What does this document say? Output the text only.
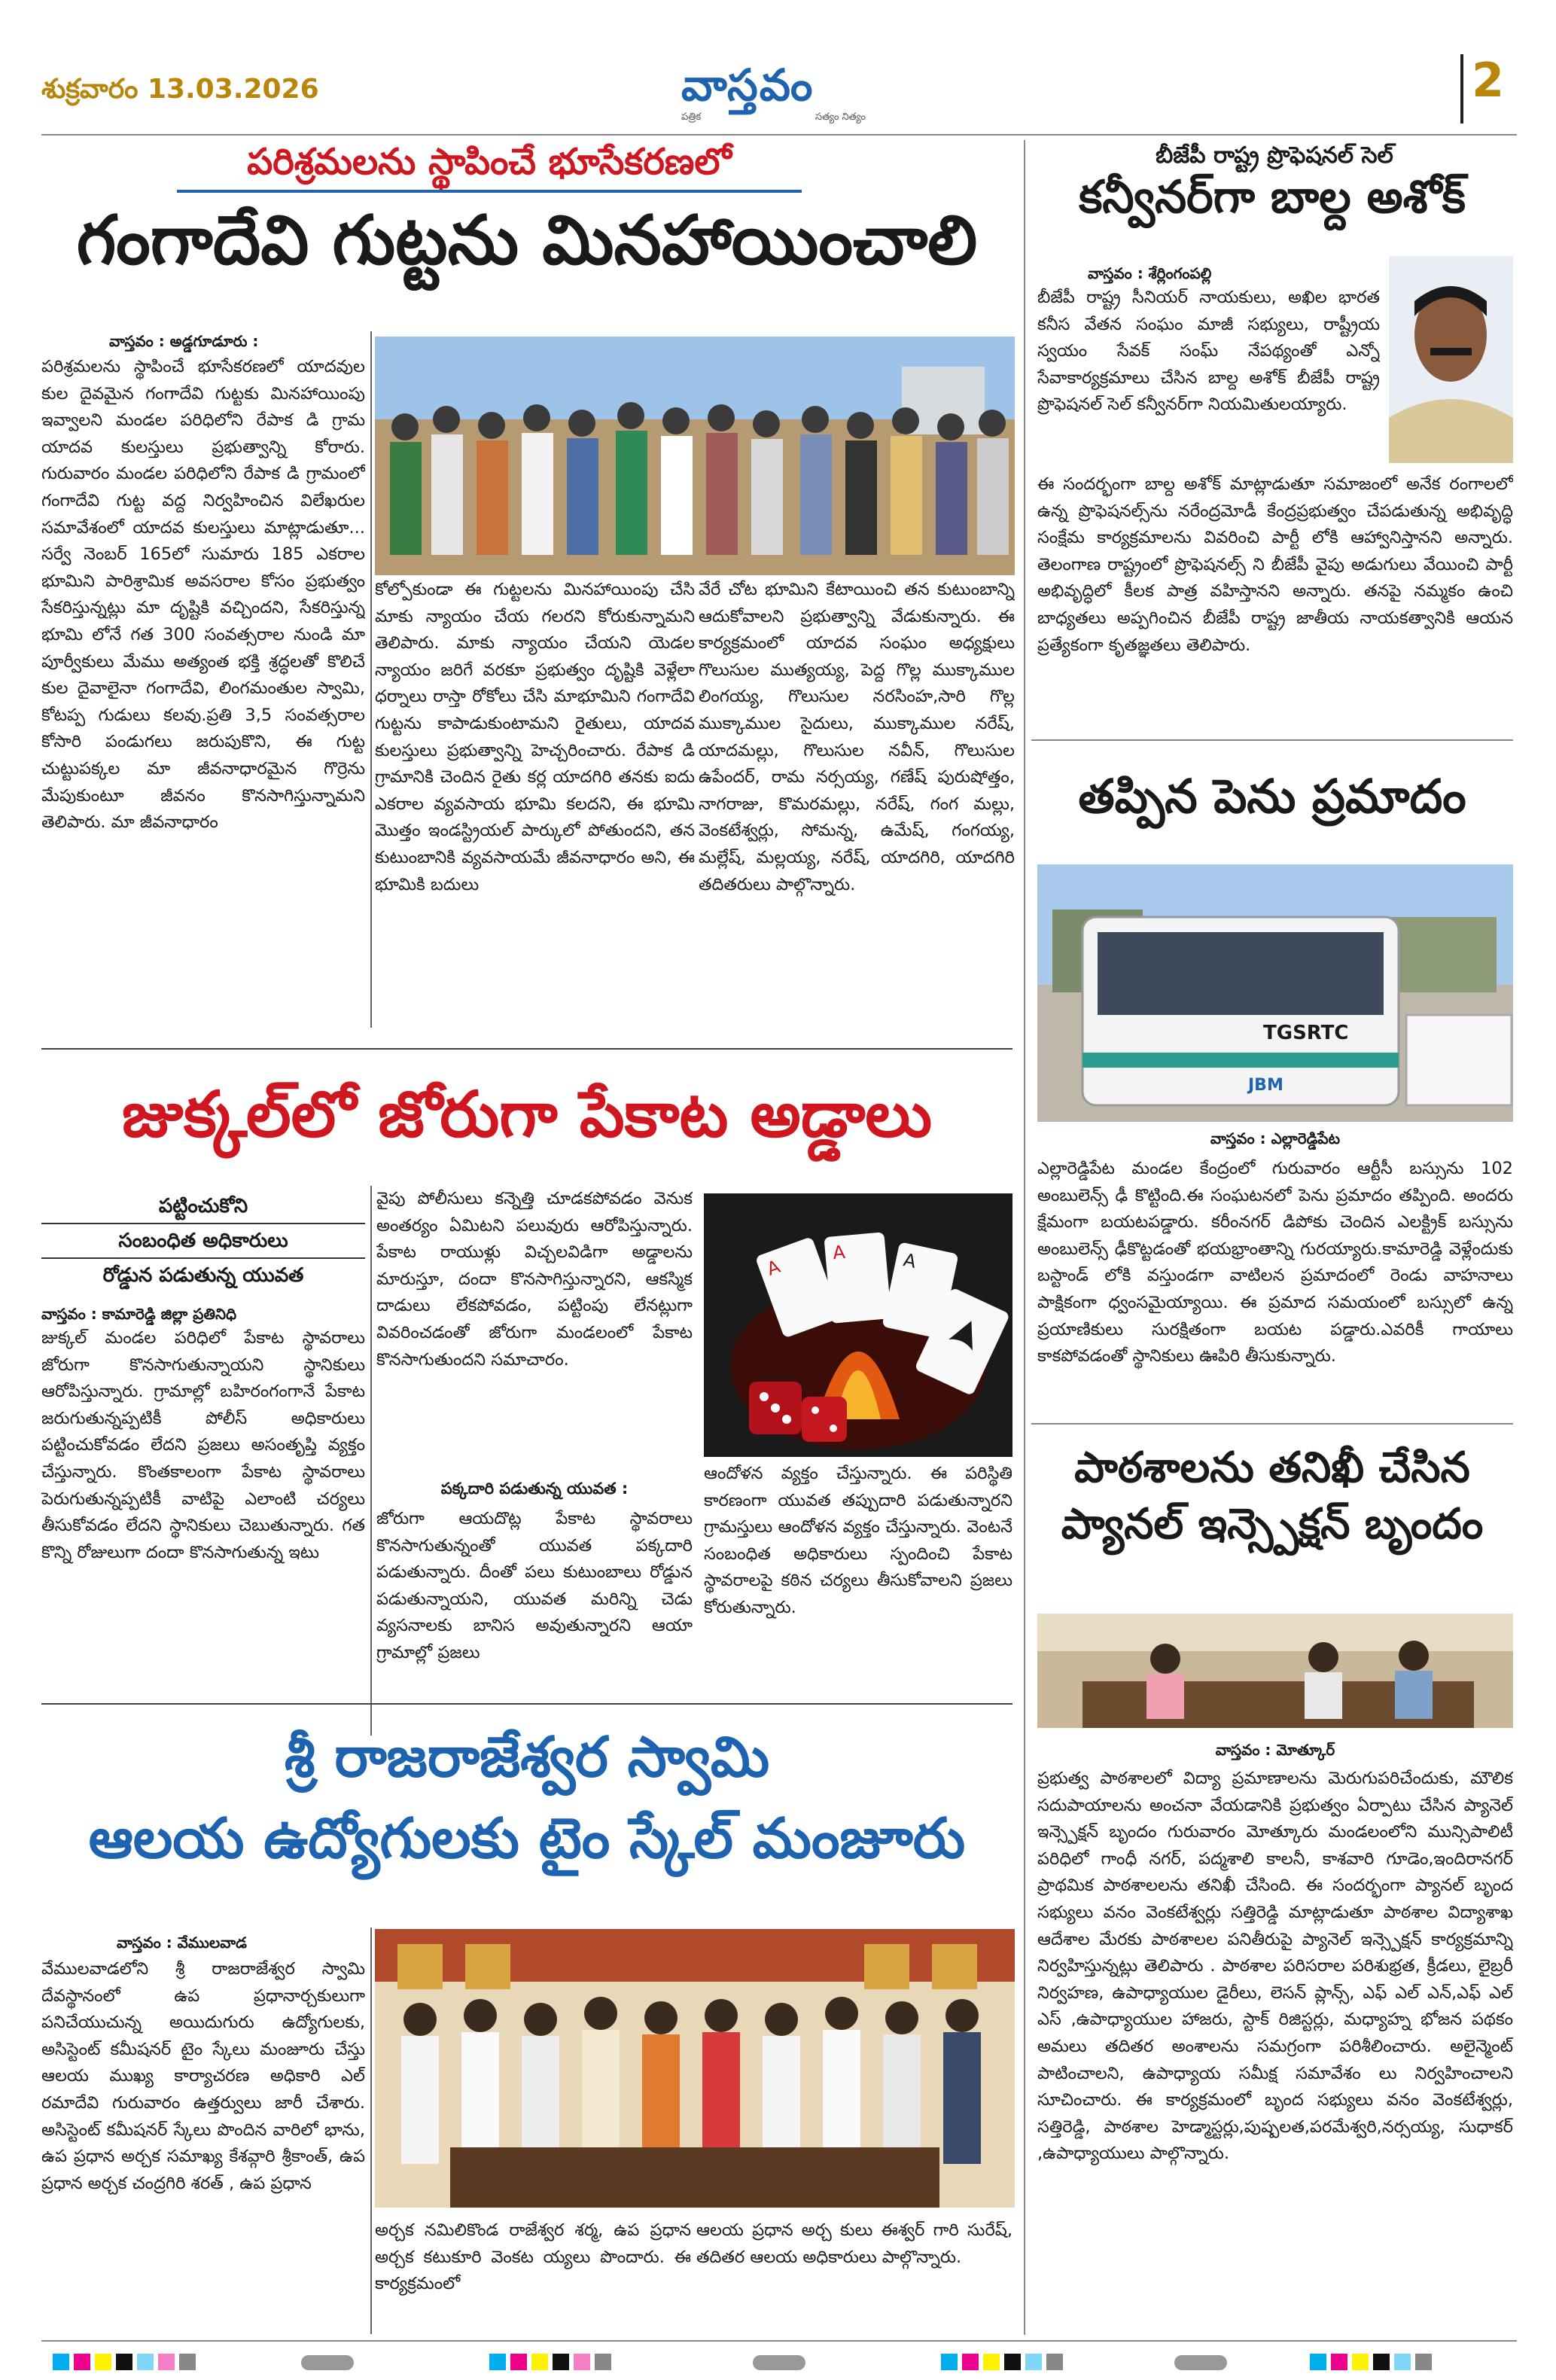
శుక్రవారం 13.03.2026	వాస్తవం
పత్రిక	సత్యం నిత్యం
2
పరిశ్రమలను స్థాపించే భూసేకరణలో
గంగాదేవి గుట్టను మినహాయించాలి
వాస్తవం : అడ్డగూడూరు :
పరిశ్రమలను స్థాపించే భూసేకరణలో యాదవుల కుల దైవమైన గంగాదేవి గుట్టకు మినహాయింపు ఇవ్వాలని మండల పరిధిలోని రేపాక డి గ్రామ యాదవ కులస్తులు ప్రభుత్వాన్ని కోరారు. గురువారం మండల పరిధిలోని రేపాక డి గ్రామంలో గంగాదేవి గుట్ట వద్ద నిర్వహించిన విలేఖరుల సమావేశంలో యాదవ కులస్తులు మాట్లాడుతూ... సర్వే నెంబర్ 165లో సుమారు 185 ఎకరాల భూమిని పారిశ్రామిక అవసరాల కోసం ప్రభుత్వం సేకరిస్తున్నట్లు మా దృష్టికి వచ్చిందని, సేకరిస్తున్న భూమి లోనే గత 300 సంవత్సరాల నుండి మా పూర్వీకులు మేము అత్యంత భక్తి శ్రద్ధలతో కొలిచే కుల దైవాలైనా గంగాదేవి, లింగమంతుల స్వామి, కోటప్ప గుడులు కలవు.ప్రతి 3,5 సంవత్సరాల కోసారి పండుగలు జరుపుకొని, ఈ గుట్ట చుట్టుపక్కల మా జీవనాధారమైన గొర్రెను మేపుకుంటూ జీవనం కొనసాగిస్తున్నామని తెలిపారు. మా జీవనాధారం
కోల్పోకుండా ఈ గుట్టలను మినహాయింపు చేసి మాకు న్యాయం చేయ గలరని కోరుకున్నామని తెలిపారు. మాకు న్యాయం చేయని యెడల న్యాయం జరిగే వరకూ ప్రభుత్వం దృష్టికి వెళ్లేలా ధర్నాలు రాస్తా రోకోలు చేసి మాభూమిని గంగాదేవి గుట్టను కాపాడుకుంటామని రైతులు, యాదవ కులస్తులు ప్రభుత్వాన్ని హెచ్చరించారు. రేపాక డి గ్రామానికి చెందిన రైతు కర్ల యాదగిరి తనకు ఐదు ఎకరాల వ్యవసాయ భూమి కలదని, ఈ భూమి మొత్తం ఇండస్ట్రియల్ పార్కులో పోతుందని, తన కుటుంబానికి వ్యవసాయమే జీవనాధారం అని, ఈ భూమికి బదులు
వేరే చోట భూమిని కేటాయించి తన కుటుంబాన్ని ఆదుకోవాలని ప్రభుత్వాన్ని వేడుకున్నారు. ఈ కార్యక్రమంలో యాదవ సంఘం అధ్యక్షులు గొలుసుల ముత్యయ్య, పెద్ద గొల్ల ముక్కాముల లింగయ్య, గొలుసుల నరసింహ,సారి గొల్ల ముక్కాముల సైదులు, ముక్కాముల నరేష్, యాదమల్లు, గొలుసుల నవీన్, గొలుసుల ఉపేందర్, రామ నర్సయ్య, గణేష్ పురుషోత్తం, నాగరాజు, కొమరమల్లు, నరేష్, గంగ మల్లు, వెంకటేశ్వర్లు, సోమన్న, ఉమేష్, గంగయ్య, మల్లేష్, మల్లయ్య, నరేష్, యాదగిరి, యాదగిరి తదితరులు పాల్గొన్నారు.
బీజేపీ రాష్ట్ర ప్రొఫెషనల్ సెల్
కన్వీనర్‌గా బాల్ద అశోక్
వాస్తవం : శేర్లింగంపల్లి
బీజేపీ రాష్ట్ర సీనియర్ నాయకులు, అఖిల భారత కనీస వేతన సంఘం మాజీ సభ్యులు, రాష్ట్రీయ స్వయం సేవక్ సంఘ్ నేపథ్యంతో ఎన్నో సేవాకార్యక్రమాలు చేసిన బాల్ద అశోక్ బీజేపీ రాష్ట్ర ప్రొఫెషనల్ సెల్ కన్వీనర్‌గా నియమితులయ్యారు.
ఈ సందర్భంగా బాల్ద అశోక్ మాట్లాడుతూ సమాజంలో అనేక రంగాలలో ఉన్న ప్రొఫెషనల్స్‌ను నరేంద్రమోడీ కేంద్రప్రభుత్వం చేపడుతున్న అభివృద్ధి సంక్షేమ కార్యక్రమాలను వివరించి పార్టీ లోకి ఆహ్వానిస్తానని అన్నారు. తెలంగాణ రాష్ట్రంలో ప్రొఫెషనల్స్ ని బీజేపీ వైపు అడుగులు వేయించి పార్టీ అభివృద్ధిలో కీలక పాత్ర వహిస్తానని అన్నారు. తనపై నమ్మకం ఉంచి బాధ్యతలు అప్పగించిన బీజేపీ రాష్ట్ర జాతీయ నాయకత్వానికి ఆయన ప్రత్యేకంగా కృతజ్ఞతలు తెలిపారు.
తప్పిన పెను ప్రమాదం
TGSRTC
JBM
వాస్తవం : ఎల్లారెడ్డిపేట
ఎల్లారెడ్డిపేట మండల కేంద్రంలో గురువారం ఆర్టీసీ బస్సును 102 అంబులెన్స్ ఢీ కొట్టింది.ఈ సంఘటనలో పెను ప్రమాదం తప్పింది. అందరు క్షేమంగా బయటపడ్డారు. కరీంనగర్ డిపోకు చెందిన ఎలక్ట్రిక్ బస్సును అంబులెన్స్ ఢీకొట్టడంతో భయభ్రాంతాన్ని గురయ్యారు.కామారెడ్డి వెళ్లేందుకు బస్టాండ్ లోకి వస్తుండగా వాటిలన ప్రమాదంలో రెండు వాహనాలు పాక్షికంగా ధ్వంసమైయ్యాయి. ఈ ప్రమాద సమయంలో బస్సులో ఉన్న ప్రయాణికులు సురక్షితంగా బయట పడ్డారు.ఎవరికీ గాయాలు కాకపోవడంతో స్థానికులు ఊపిరి తీసుకున్నారు.
జుక్కల్‌లో జోరుగా పేకాట అడ్డాలు
పట్టించుకోని
సంబంధిత అధికారులు
రోడ్డున పడుతున్న యువత
వాస్తవం : కామారెడ్డి జిల్లా ప్రతినిధి
జుక్కల్ మండల పరిధిలో పేకాట స్థావరాలు జోరుగా కొనసాగుతున్నాయని స్థానికులు ఆరోపిస్తున్నారు. గ్రామాల్లో బహిరంగంగానే పేకాట జరుగుతున్నప్పటికీ పోలీస్ అధికారులు పట్టించుకోవడం లేదని ప్రజలు అసంతృప్తి వ్యక్తం చేస్తున్నారు. కొంతకాలంగా పేకాట స్థావరాలు పెరుగుతున్నప్పటికీ వాటిపై ఎలాంటి చర్యలు తీసుకోవడం లేదని స్థానికులు చెబుతున్నారు. గత కొన్ని రోజులుగా దందా కొనసాగుతున్న ఇటు
వైపు పోలీసులు కన్నెత్తి చూడకపోవడం వెనుక అంతర్యం ఏమిటని పలువురు ఆరోపిస్తున్నారు. పేకాట రాయుళ్లు విచ్చలవిడిగా అడ్డాలను మారుస్తూ, దందా కొనసాగిస్తున్నారని, ఆకస్మిక దాడులు లేకపోవడం, పట్టింపు లేనట్లుగా వివరించడంతో జోరుగా మండలంలో పేకాట కొనసాగుతుందని సమాచారం.
పక్కదారి పడుతున్న యువత :
జోరుగా ఆయదొట్ల పేకాట స్థావరాలు కొనసాగుతున్నంతో యువత పక్కదారి పడుతున్నారు. దీంతో పలు కుటుంబాలు రోడ్డున పడుతున్నాయని, యువత మరిన్ని చెడు వ్యసనాలకు బానిస అవుతున్నారని ఆయా గ్రామాల్లో ప్రజలు
A
A	A
ఆందోళన వ్యక్తం చేస్తున్నారు. ఈ పరిస్థితి కారణంగా యువత తప్పుదారి పడుతున్నారని గ్రామస్తులు ఆందోళన వ్యక్తం చేస్తున్నారు. వెంటనే సంబంధిత అధికారులు స్పందించి పేకాట స్థావరాలపై కఠిన చర్యలు తీసుకోవాలని ప్రజలు కోరుతున్నారు.
పాఠశాలను తనిఖీ చేసిన
ప్యానల్ ఇన్స్పెక్షన్ బృందం
వాస్తవం : మోత్కూర్
ప్రభుత్వ పాఠశాలలో విద్యా ప్రమాణాలను మెరుగుపరిచేందుకు, మౌలిక సదుపాయాలను అంచనా వేయడానికి ప్రభుత్వం ఏర్పాటు చేసిన ప్యానెల్ ఇన్స్పెక్షన్ బృందం గురువారం మోత్కూరు మండలంలోని మున్సిపాలిటీ పరిధిలో గాంధీ నగర్, పద్మశాలి కాలనీ, కాశవారి గూడెం,ఇందిరానగర్ ప్రాథమిక పాఠశాలలను తనిఖీ చేసింది. ఈ సందర్భంగా ప్యానల్ బృంద సభ్యులు వనం వెంకటేశ్వర్లు సత్తిరెడ్డి మాట్లాడుతూ పాఠశాల విద్యాశాఖ ఆదేశాల మేరకు పాఠశాలల పనితీరుపై ప్యానెల్ ఇన్స్పెక్షన్ కార్యక్రమాన్ని నిర్వహిస్తున్నట్లు తెలిపారు . పాఠశాల పరిసరాల పరిశుభ్రత, క్రీడలు, లైబ్రరీ నిర్వహణ, ఉపాధ్యాయుల డైరీలు, లెసన్ ప్లాన్స్, ఎఫ్ ఎల్ ఎన్,ఎఫ్ ఎల్ ఎస్ ,ఉపాధ్యాయుల హాజరు, స్టాక్ రిజిస్టర్లు, మధ్యాహ్న భోజన పథకం అమలు తదితర అంశాలను సమగ్రంగా పరిశీలించారు. అలైన్మెంట్ పాటించాలని, ఉపాధ్యాయ సమీక్ష సమావేశం లు నిర్వహించాలని సూచించారు. ఈ కార్యక్రమంలో బృంద సభ్యులు వనం వెంకటేశ్వర్లు, సత్తిరెడ్డి, పాఠశాల హెడ్మాస్టర్లు,పుష్పలత,పరమేశ్వరి,నర్సయ్య, సుధాకర్ ,ఉపాధ్యాయులు పాల్గొన్నారు.
శ్రీ రాజరాజేశ్వర స్వామి
ఆలయ ఉద్యోగులకు టైం స్కేల్ మంజూరు
వాస్తవం : వేములవాడ
వేములవాడలోని శ్రీ రాజరాజేశ్వర స్వామి దేవస్థానంలో ఉప ప్రధానార్చకులుగా పనిచేయుచున్న అయిదుగురు ఉద్యోగులకు, అసిస్టెంట్ కమీషనర్ టైం స్కేలు మంజూరు చేస్తు ఆలయ ముఖ్య కార్యాచరణ అధికారి ఎల్ రమాదేవి గురువారం ఉత్తర్వులు జారీ చేశారు. అసిస్టెంట్ కమీషనర్ స్కేలు పొందిన వారిలో భాను, ఉప ప్రధాన అర్చక సమాఖ్య కేశవ్గారి శ్రీకాంత్, ఉప ప్రధాన అర్చక చంద్రగిరి శరత్ , ఉప ప్రధాన
అర్చక నమిలికొండ రాజేశ్వర శర్మ, ఉప ప్రధాన అర్చక కటుకూరి వెంకట య్యలు పొందారు. ఈ కార్యక్రమంలో
ఆలయ ప్రధాన అర్చ కులు ఈశ్వర్ గారి సురేష్, తదితర ఆలయ అధికారులు పాల్గొన్నారు.
